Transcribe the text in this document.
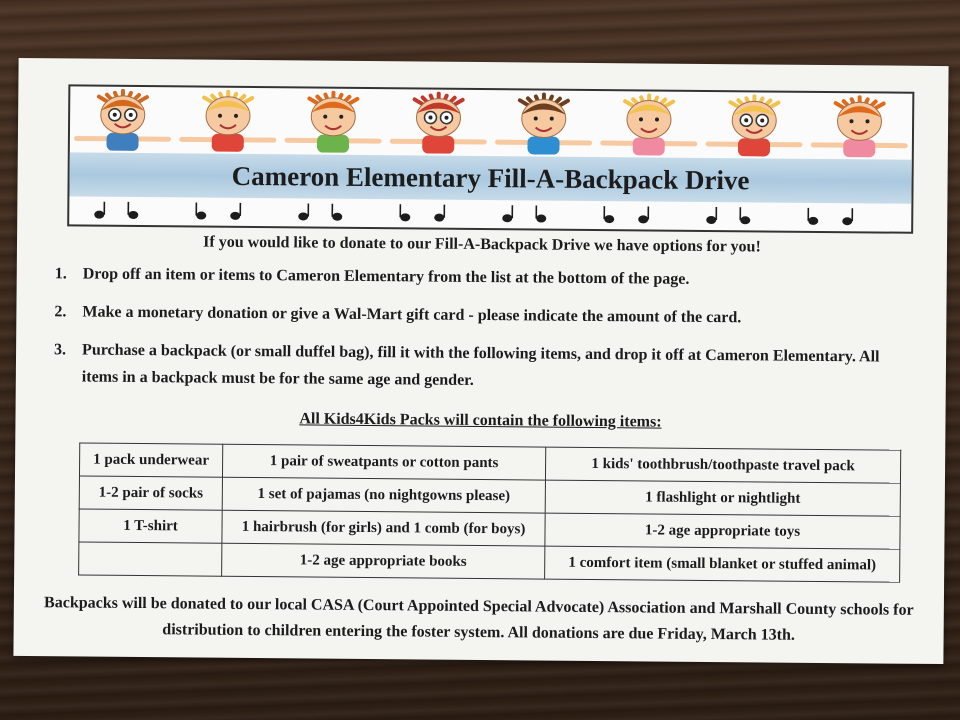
Cameron Elementary Fill-A-Backpack Drive
If you would like to donate to our Fill-A-Backpack Drive we have options for you!
1. Drop off an item or items to Cameron Elementary from the list at the bottom of the page.
2. Make a monetary donation or give a Wal-Mart gift card - please indicate the amount of the card.
3. Purchase a backpack (or small duffel bag), fill it with the following items, and drop it off at Cameron Elementary. All items in a backpack must be for the same age and gender.
All Kids4Kids Packs will contain the following items:
1 pack underwear	1 pair of sweatpants or cotton pants	1 kids' toothbrush/toothpaste travel pack
1-2 pair of socks	1 set of pajamas (no nightgowns please)	1 flashlight or nightlight
1 T-shirt	1 hairbrush (for girls) and 1 comb (for boys)	1-2 age appropriate toys
	1-2 age appropriate books	1 comfort item (small blanket or stuffed animal)
Backpacks will be donated to our local CASA (Court Appointed Special Advocate) Association and Marshall County schools for distribution to children entering the foster system. All donations are due Friday, March 13th.
